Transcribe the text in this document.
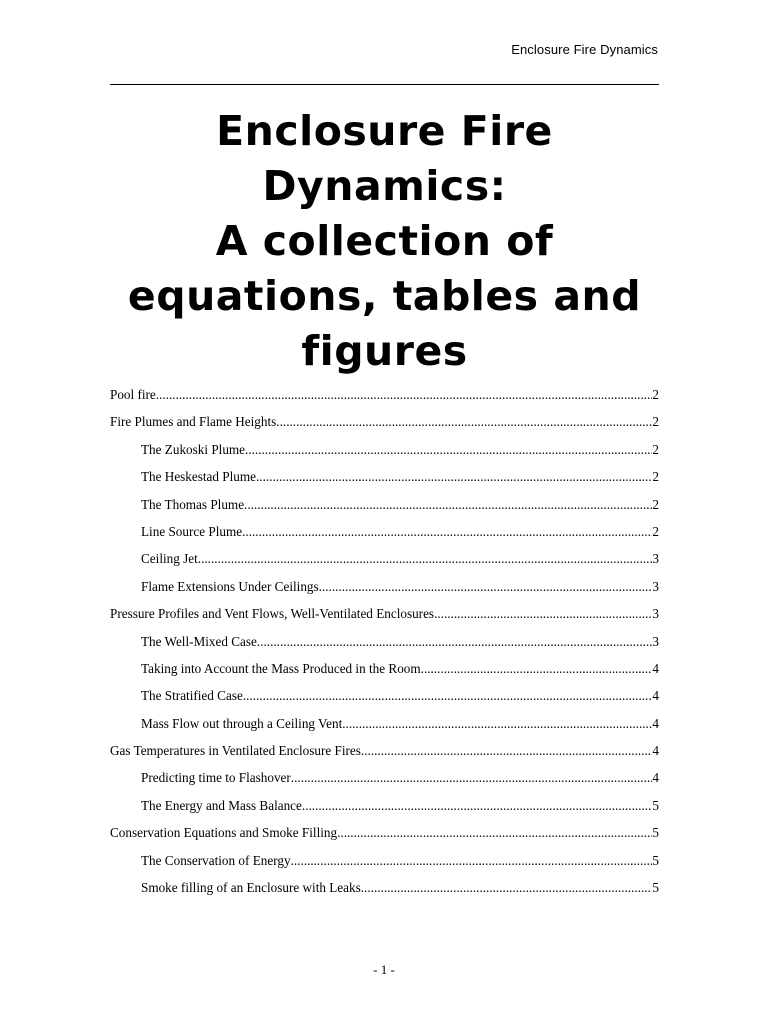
Enclosure Fire Dynamics
Enclosure Fire
Dynamics:
A collection of
equations, tables and
figures
Pool fire .....	2
Fire Plumes and Flame Heights .....	2
The Zukoski Plume .....	2
The Heskestad Plume .....	2
The Thomas Plume .....	2
Line Source Plume .....	2
Ceiling Jet .....	3
Flame Extensions Under Ceilings .....	3
Pressure Profiles and Vent Flows, Well-Ventilated Enclosures .....	3
The Well-Mixed Case .....	3
Taking into Account the Mass Produced in the Room .....	4
The Stratified Case .....	4
Mass Flow out through a Ceiling Vent .....	4
Gas Temperatures in Ventilated Enclosure Fires .....	4
Predicting time to Flashover .....	4
The Energy and Mass Balance .....	5
Conservation Equations and Smoke Filling .....	5
The Conservation of Energy .....	5
Smoke filling of an Enclosure with Leaks .....	5
- 1 -
